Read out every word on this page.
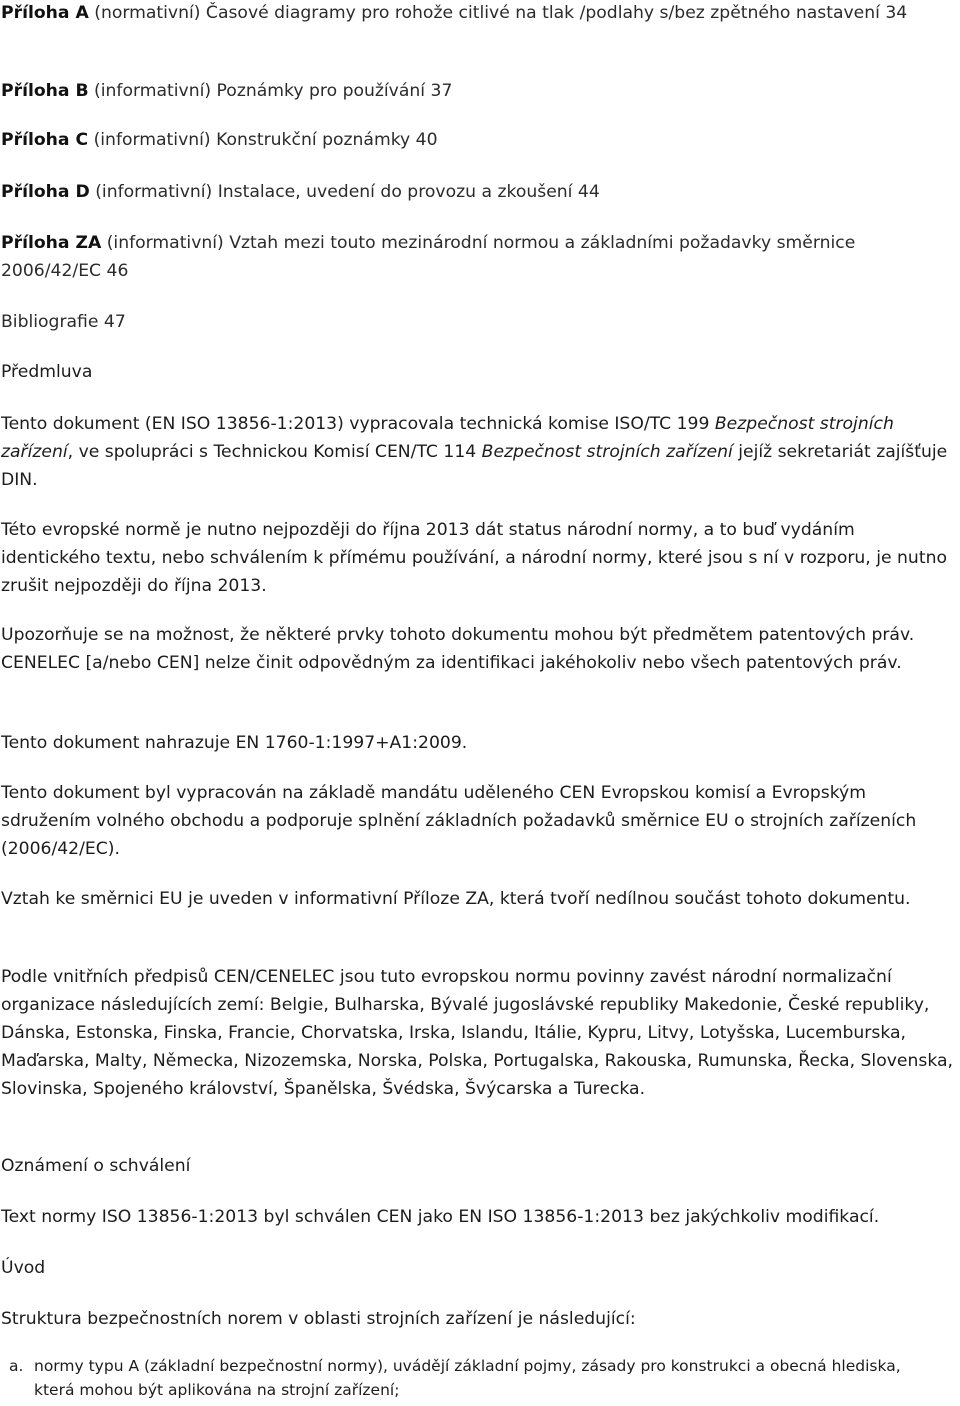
Příloha A (normativní) Časové diagramy pro rohože citlivé na tlak /podlahy s/bez zpětného nastavení 34

Příloha B (informativní) Poznámky pro používání 37

Příloha C (informativní) Konstrukční poznámky 40

Příloha D (informativní) Instalace, uvedení do provozu a zkoušení 44

Příloha ZA (informativní) Vztah mezi touto mezinárodní normou a základními požadavky směrnice 2006/42/EC 46

Bibliografie 47

Předmluva

Tento dokument (EN ISO 13856-1:2013) vypracovala technická komise ISO/TC 199 Bezpečnost strojních zařízení, ve spolupráci s Technickou Komisí CEN/TC 114 Bezpečnost strojních zařízení jejíž sekretariát zajíšťuje DIN.

Této evropské normě je nutno nejpozději do října 2013 dát status národní normy, a to buď vydáním identického textu, nebo schválením k přímému používání, a národní normy, které jsou s ní v rozporu, je nutno zrušit nejpozději do října 2013.

Upozorňuje se na možnost, že některé prvky tohoto dokumentu mohou být předmětem patentových práv. CENELEC [a/nebo CEN] nelze činit odpovědným za identifikaci jakéhokoliv nebo všech patentových práv.

Tento dokument nahrazuje EN 1760-1:1997+A1:2009.

Tento dokument byl vypracován na základě mandátu uděleného CEN Evropskou komisí a Evropským sdružením volného obchodu a podporuje splnění základních požadavků směrnice EU o strojních zařízeních (2006/42/EC).

Vztah ke směrnici EU je uveden v informativní Příloze ZA, která tvoří nedílnou součást tohoto dokumentu.

Podle vnitřních předpisů CEN/CENELEC jsou tuto evropskou normu povinny zavést národní normalizační organizace následujících zemí: Belgie, Bulharska, Bývalé jugoslávské republiky Makedonie, České republiky, Dánska, Estonska, Finska, Francie, Chorvatska, Irska, Islandu, Itálie, Kypru, Litvy, Lotyšska, Lucemburska, Maďarska, Malty, Německa, Nizozemska, Norska, Polska, Portugalska, Rakouska, Rumunska, Řecka, Slovenska, Slovinska, Spojeného království, Španělska, Švédska, Švýcarska a Turecka.

Oznámení o schválení

Text normy ISO 13856-1:2013 byl schválen CEN jako EN ISO 13856-1:2013 bez jakýchkoliv modifikací.

Úvod

Struktura bezpečnostních norem v oblasti strojních zařízení je následující:

a. normy typu A (základní bezpečnostní normy), uvádějí základní pojmy, zásady pro konstrukci a obecná hlediska, která mohou být aplikována na strojní zařízení;
